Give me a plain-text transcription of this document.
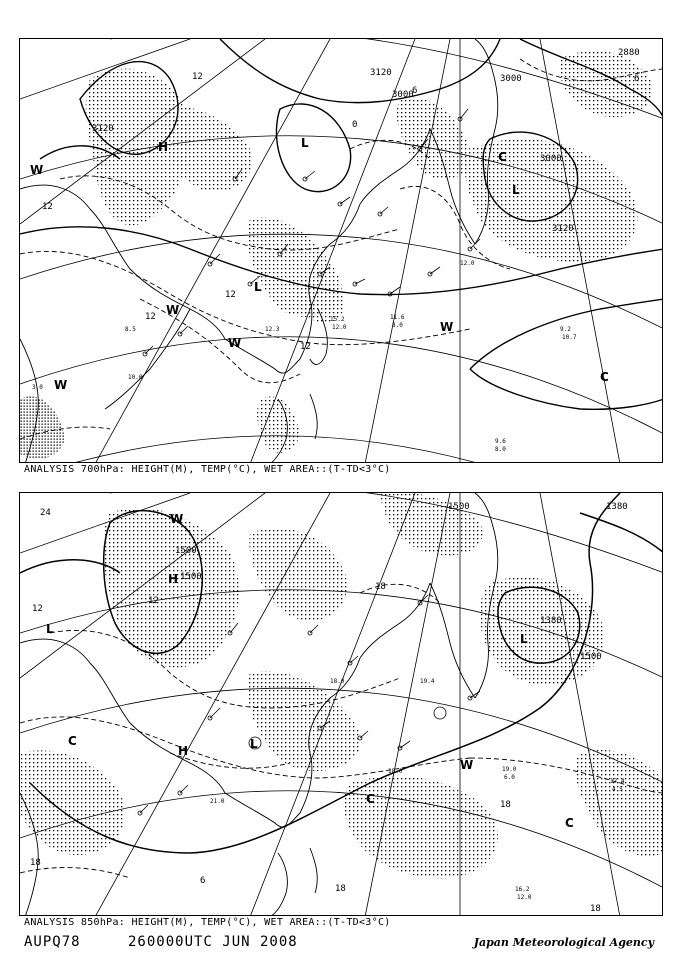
3120
3000
3000
3120
2880
3120
3000
12
12
12
12
12
6
6
0
H	L
L
L
C
C
W
W
W
W
W
9.2
10.7
9.6
8.0
11.6
8.0
15.2
12.0
12.3
8.5
12.0
3.0
10.0
ANALYSIS 700hPa: HEIGHT(M), TEMP(°C), WET AREA::(T-TD<3°C)
1500
1500
1500
1380
1380
1500
24
18
18
18
18
18
12
12
6
H
H
L
L
L
C
C
C
W
W
19.0
6.0
17.4
4.5
16.2
12.0
21.0
18.0
19.4
18.0
ANALYSIS 850hPa: HEIGHT(M), TEMP(°C), WET AREA::(T-TD<3°C)
AUPQ78	260000UTC JUN 2008	Japan Meteorological Agency
